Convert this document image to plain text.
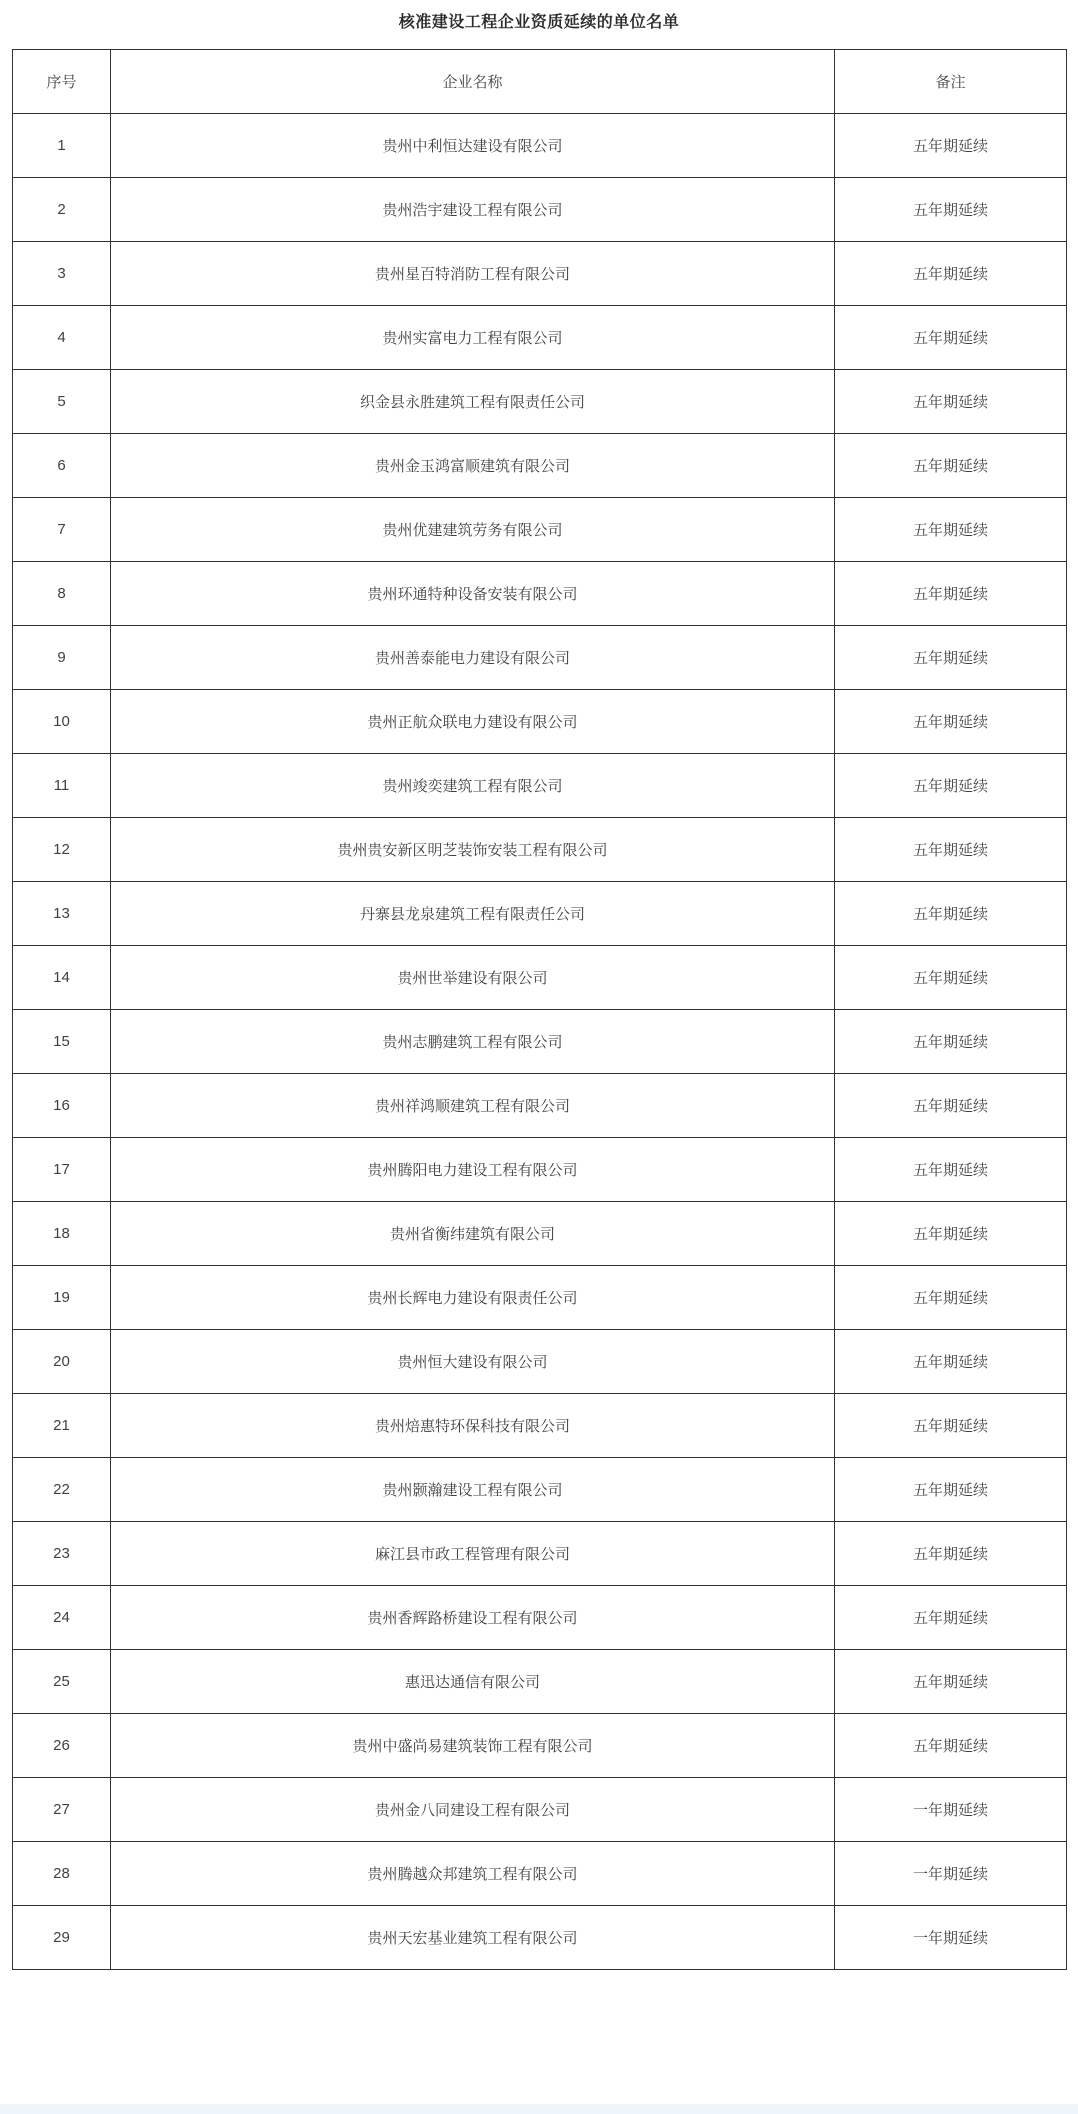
核准建设工程企业资质延续的单位名单
序号	企业名称	备注
1	贵州中利恒达建设有限公司	五年期延续
2	贵州浩宇建设工程有限公司	五年期延续
3	贵州星百特消防工程有限公司	五年期延续
4	贵州实富电力工程有限公司	五年期延续
5	织金县永胜建筑工程有限责任公司	五年期延续
6	贵州金玉鸿富顺建筑有限公司	五年期延续
7	贵州优建建筑劳务有限公司	五年期延续
8	贵州环通特种设备安装有限公司	五年期延续
9	贵州善泰能电力建设有限公司	五年期延续
10	贵州正航众联电力建设有限公司	五年期延续
11	贵州竣奕建筑工程有限公司	五年期延续
12	贵州贵安新区明芝装饰安装工程有限公司	五年期延续
13	丹寨县龙泉建筑工程有限责任公司	五年期延续
14	贵州世举建设有限公司	五年期延续
15	贵州志鹏建筑工程有限公司	五年期延续
16	贵州祥鸿顺建筑工程有限公司	五年期延续
17	贵州腾阳电力建设工程有限公司	五年期延续
18	贵州省衡纬建筑有限公司	五年期延续
19	贵州长辉电力建设有限责任公司	五年期延续
20	贵州恒大建设有限公司	五年期延续
21	贵州焙惠特环保科技有限公司	五年期延续
22	贵州颢瀚建设工程有限公司	五年期延续
23	麻江县市政工程管理有限公司	五年期延续
24	贵州香辉路桥建设工程有限公司	五年期延续
25	惠迅达通信有限公司	五年期延续
26	贵州中盛尚易建筑装饰工程有限公司	五年期延续
27	贵州金八同建设工程有限公司	一年期延续
28	贵州腾越众邦建筑工程有限公司	一年期延续
29	贵州天宏基业建筑工程有限公司	一年期延续
